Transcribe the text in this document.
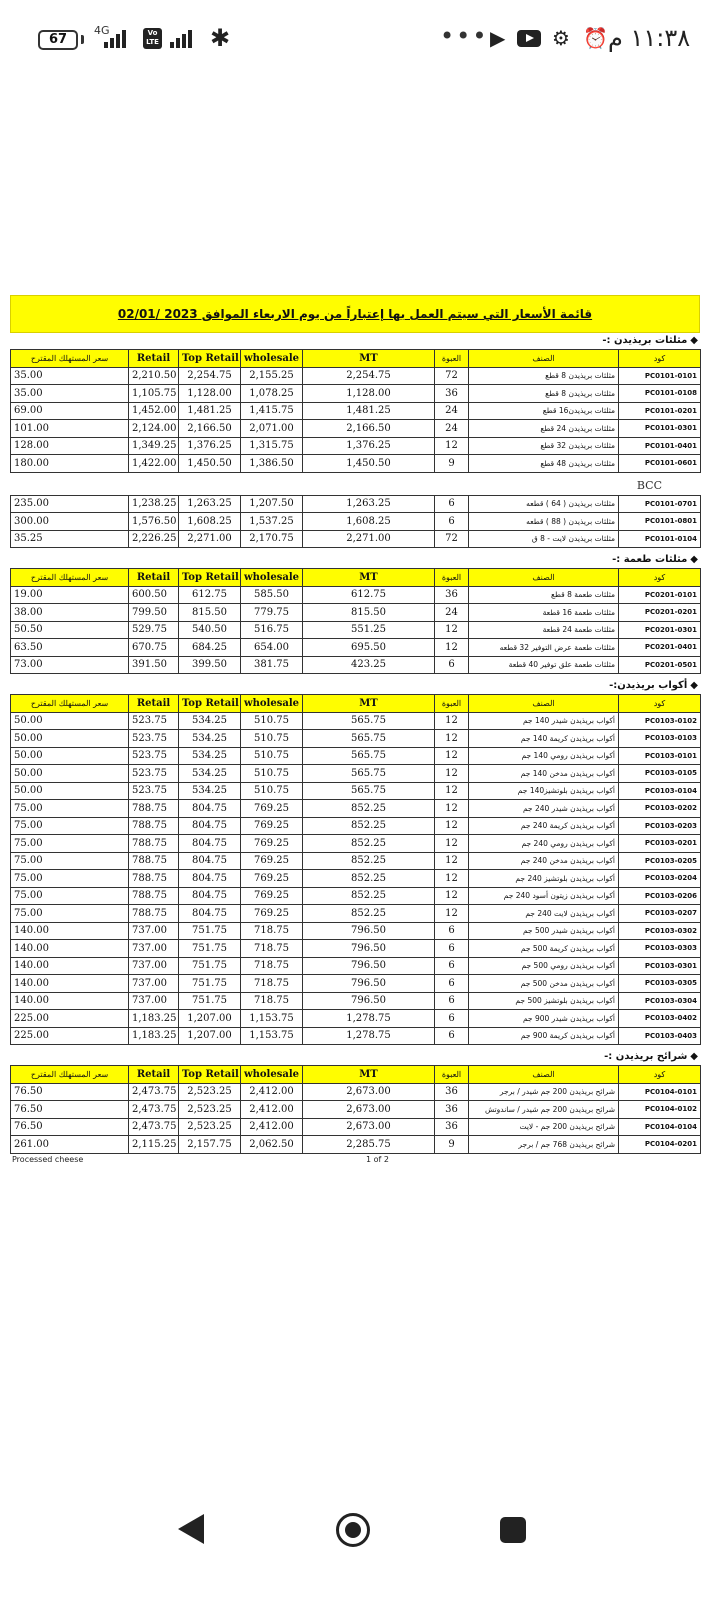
67
4G	Vo LTE ✱	••• ▶ ⚙ ⏰ ١١:٣٨ م
قائمة الأسعار التي سيتم العمل بها إعتباراً من يوم الاربعاء الموافق 2023 /02/01
◆مثلثات بريذيدن :-
سعر المستهلك المقترح	Retail	Top Retail	wholesale	MT	العبوة	الصنف	كود
35.00	2,210.50	2,254.75	2,155.25	2,254.75	72	مثلثات بريذيدن 8 قطع	PC0101-0101
35.00	1,105.75	1,128.00	1,078.25	1,128.00	36	مثلثات بريذيدن 8 قطع	PC0101-0108
69.00	1,452.00	1,481.25	1,415.75	1,481.25	24	مثلثات بريذيدن16 قطع	PC0101-0201
101.00	2,124.00	2,166.50	2,071.00	2,166.50	24	مثلثات بريذيدن 24 قطع	PC0101-0301
128.00	1,349.25	1,376.25	1,315.75	1,376.25	12	مثلثات بريذيدن 32 قطع	PC0101-0401
180.00	1,422.00	1,450.50	1,386.50	1,450.50	9	مثلثات بريذيدن 48 قطع	PC0101-0601
BCC
235.00	1,238.25	1,263.25	1,207.50	1,263.25	6	مثلثات بريذيدن ( 64 ) قطعه	PC0101-0701
300.00	1,576.50	1,608.25	1,537.25	1,608.25	6	مثلثات بريذيدن ( 88 ) قطعه	PC0101-0801
35.25	2,226.25	2,271.00	2,170.75	2,271.00	72	مثلثات بريذيدن لايت - 8 ق	PC0101-0104
◆مثلثات طعمة :-
سعر المستهلك المقترح	Retail	Top Retail	wholesale	MT	العبوة	الصنف	كود
19.00	600.50	612.75	585.50	612.75	36	مثلثات طعمة 8 قطع	PC0201-0101
38.00	799.50	815.50	779.75	815.50	24	مثلثات طعمة 16 قطعة	PC0201-0201
50.50	529.75	540.50	516.75	551.25	12	مثلثات طعمة 24 قطعة	PC0201-0301
63.50	670.75	684.25	654.00	695.50	12	مثلثات طعمة عرض التوفير 32 قطعه	PC0201-0401
73.00	391.50	399.50	381.75	423.25	6	مثلثات طعمة علق توفير 40 قطعة	PC0201-0501
◆أكواب بريذيدن:-
سعر المستهلك المقترح	Retail	Top Retail	wholesale	MT	العبوة	الصنف	كود
50.00	523.75	534.25	510.75	565.75	12	أكواب بريذيدن شيدر 140 جم	PC0103-0102
50.00	523.75	534.25	510.75	565.75	12	أكواب بريذيدن كريمة 140 جم	PC0103-0103
50.00	523.75	534.25	510.75	565.75	12	أكواب بريذيدن رومي 140 جم	PC0103-0101
50.00	523.75	534.25	510.75	565.75	12	أكواب بريذيدن مدخن 140 جم	PC0103-0105
50.00	523.75	534.25	510.75	565.75	12	أكواب بريذيدن بلوتشيز140 جم	PC0103-0104
75.00	788.75	804.75	769.25	852.25	12	أكواب بريذيدن شيدر 240 جم	PC0103-0202
75.00	788.75	804.75	769.25	852.25	12	أكواب بريذيدن كريمة 240 جم	PC0103-0203
75.00	788.75	804.75	769.25	852.25	12	أكواب بريذيدن رومي 240 جم	PC0103-0201
75.00	788.75	804.75	769.25	852.25	12	أكواب بريذيدن مدخن 240 جم	PC0103-0205
75.00	788.75	804.75	769.25	852.25	12	أكواب بريذيدن بلوتشيز 240 جم	PC0103-0204
75.00	788.75	804.75	769.25	852.25	12	أكواب بريذيدن زيتون أسود 240 جم	PC0103-0206
75.00	788.75	804.75	769.25	852.25	12	أكواب بريذيدن لايت 240 جم	PC0103-0207
140.00	737.00	751.75	718.75	796.50	6	أكواب بريذيدن شيدر 500 جم	PC0103-0302
140.00	737.00	751.75	718.75	796.50	6	أكواب بريذيدن كريمة 500 جم	PC0103-0303
140.00	737.00	751.75	718.75	796.50	6	أكواب بريذيدن رومي 500 جم	PC0103-0301
140.00	737.00	751.75	718.75	796.50	6	أكواب بريذيدن مدخن 500 جم	PC0103-0305
140.00	737.00	751.75	718.75	796.50	6	أكواب بريذيدن بلوتشيز 500 جم	PC0103-0304
225.00	1,183.25	1,207.00	1,153.75	1,278.75	6	أكواب بريذيدن شيدر 900 جم	PC0103-0402
225.00	1,183.25	1,207.00	1,153.75	1,278.75	6	أكواب بريذيدن كريمة 900 جم	PC0103-0403
◆شرائح بريذيدن :-
سعر المستهلك المقترح	Retail	Top Retail	wholesale	MT	العبوة	الصنف	كود
76.50	2,473.75	2,523.25	2,412.00	2,673.00	36	شرائح بريذيدن 200 جم شيدر / برجر	PC0104-0101
76.50	2,473.75	2,523.25	2,412.00	2,673.00	36	شرائح بريذيدن 200 جم شيدر / ساندوتش	PC0104-0102
76.50	2,473.75	2,523.25	2,412.00	2,673.00	36	شرائح بريذيدن 200 جم - لايت	PC0104-0104
261.00	2,115.25	2,157.75	2,062.50	2,285.75	9	شرائح بريذيدن 768 جم / برجر	PC0104-0201
Processed cheese	1 of 2
